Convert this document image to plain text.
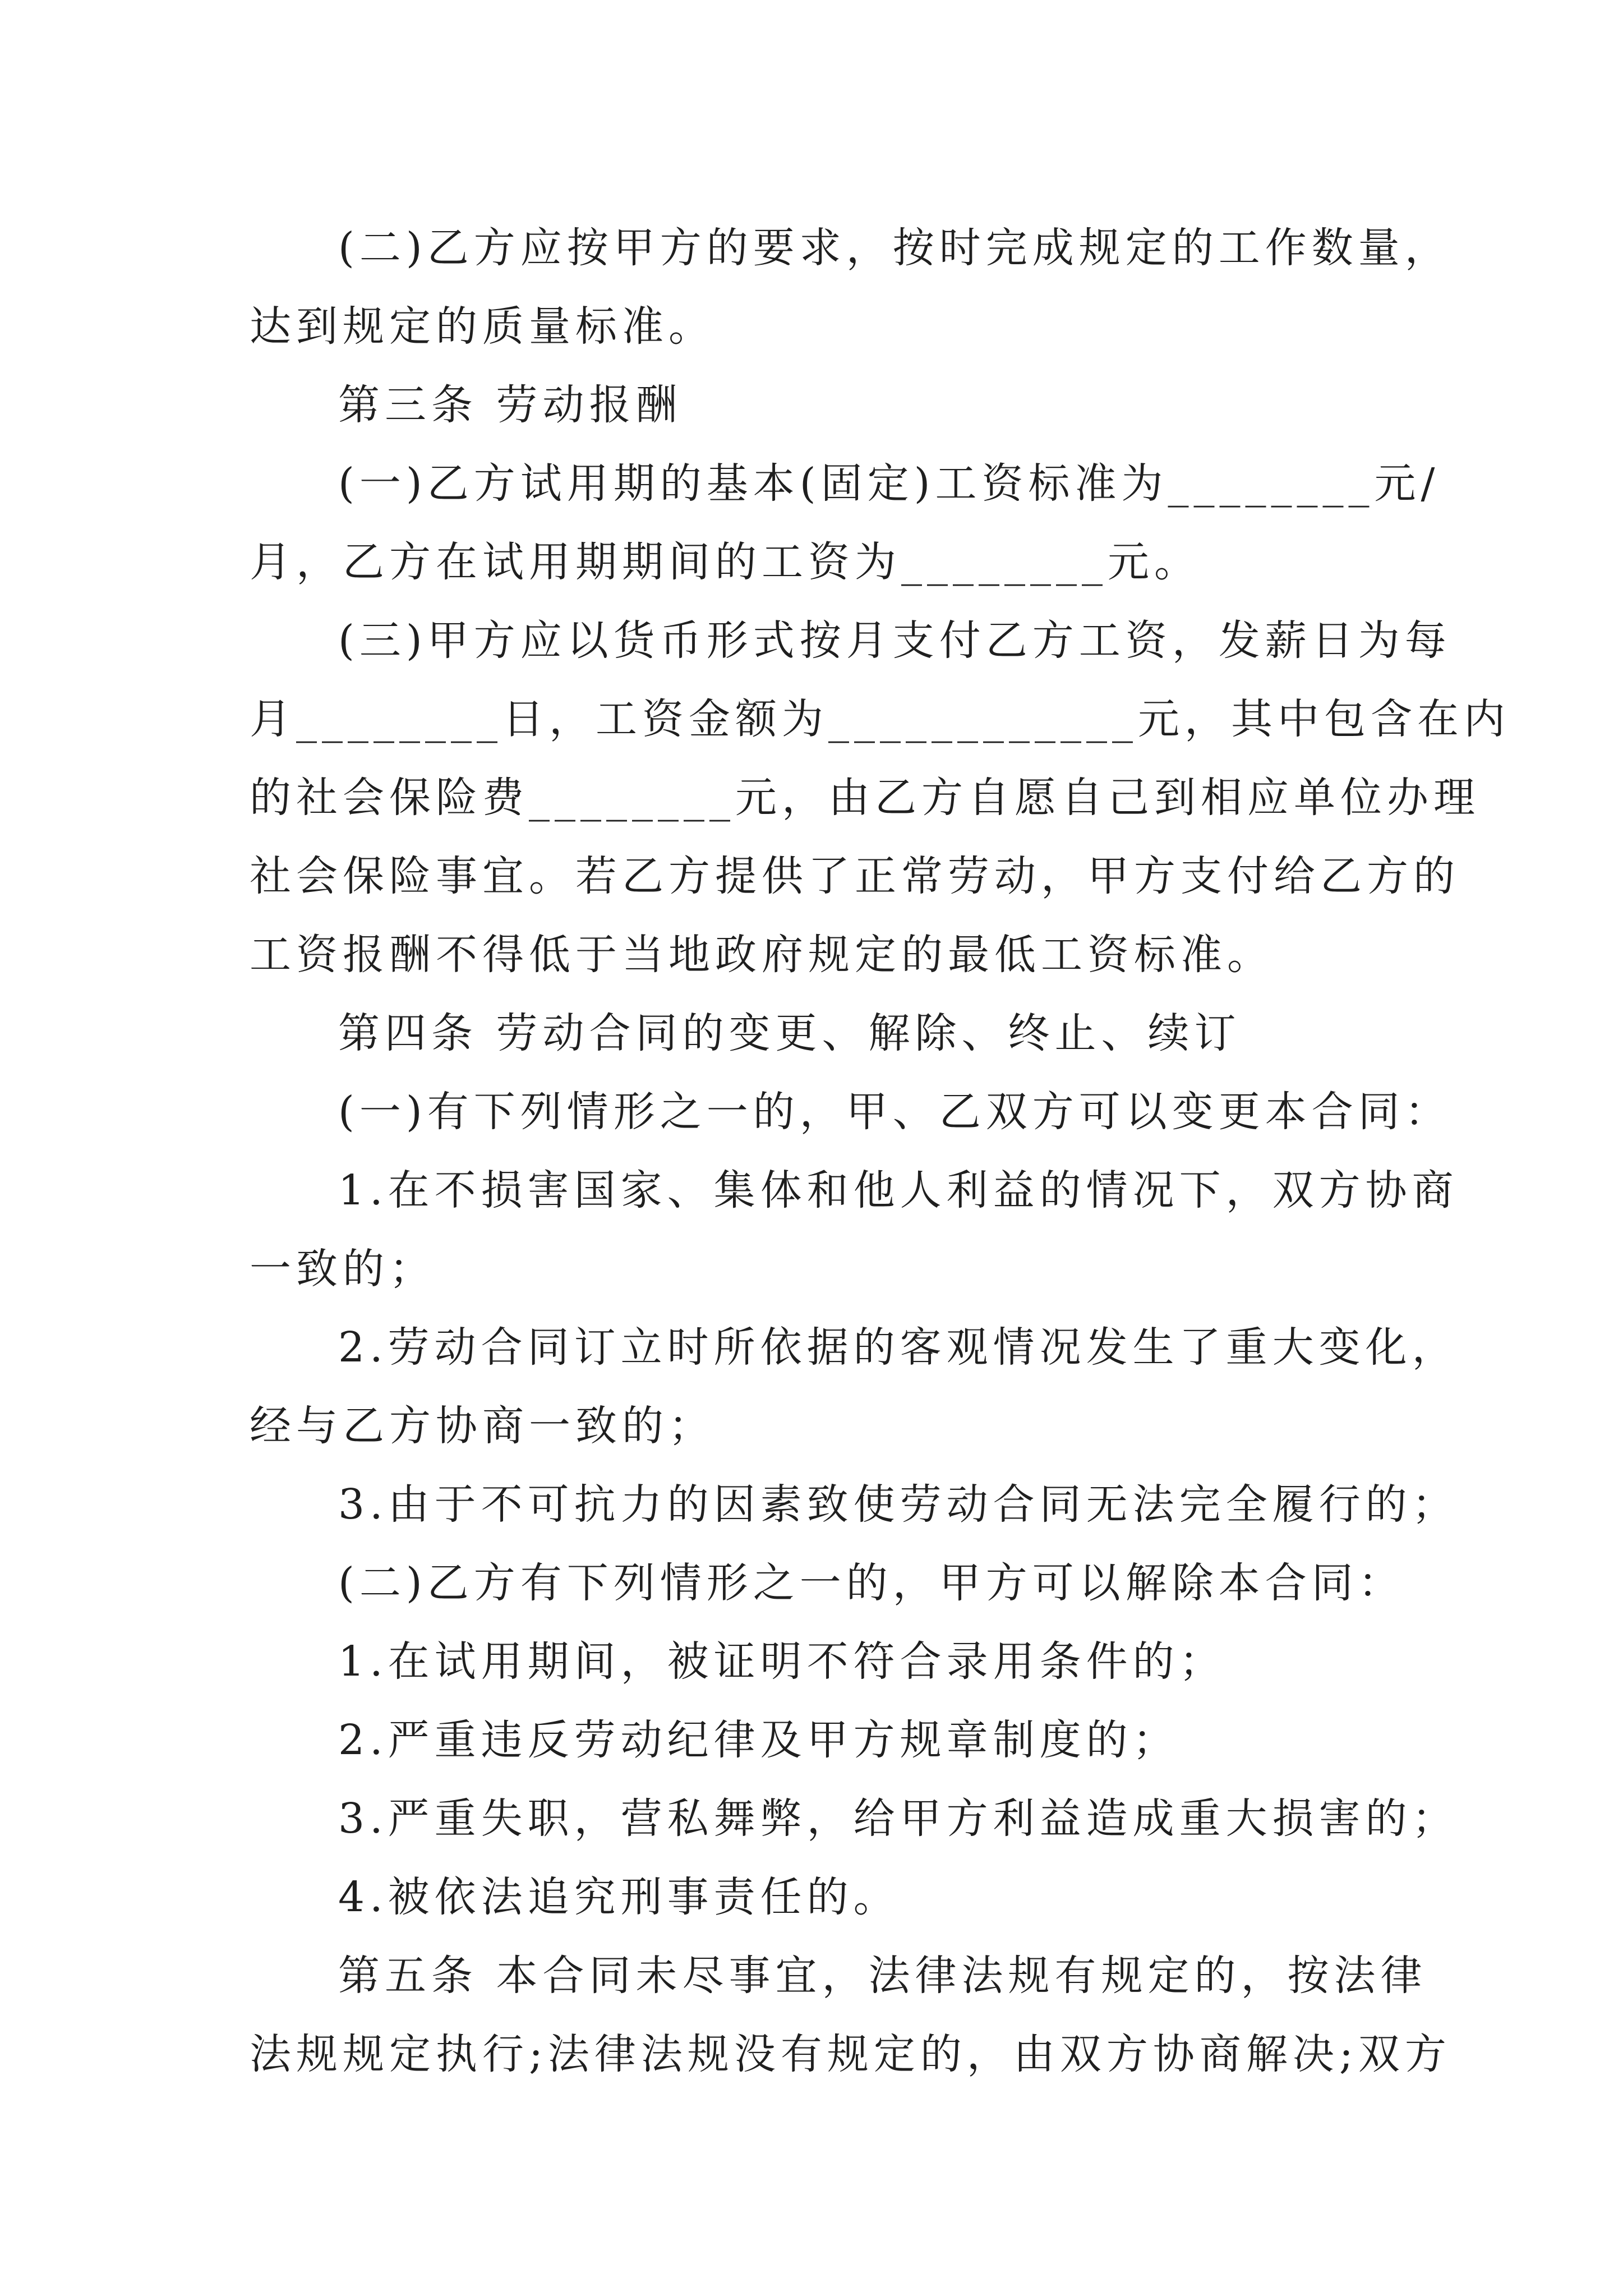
(二)乙方应按甲方的要求，按时完成规定的工作数量，
达到规定的质量标准。
第三条 劳动报酬
(一)乙方试用期的基本(固定)工资标准为________元/
月，乙方在试用期期间的工资为________元。
(三)甲方应以货币形式按月支付乙方工资，发薪日为每
月________日，工资金额为____________元，其中包含在内
的社会保险费________元，由乙方自愿自己到相应单位办理
社会保险事宜。若乙方提供了正常劳动，甲方支付给乙方的
工资报酬不得低于当地政府规定的最低工资标准。
第四条 劳动合同的变更、解除、终止、续订
(一)有下列情形之一的，甲、乙双方可以变更本合同：
1.在不损害国家、集体和他人利益的情况下，双方协商
一致的；
2.劳动合同订立时所依据的客观情况发生了重大变化，
经与乙方协商一致的；
3.由于不可抗力的因素致使劳动合同无法完全履行的；
(二)乙方有下列情形之一的，甲方可以解除本合同：
1.在试用期间，被证明不符合录用条件的；
2.严重违反劳动纪律及甲方规章制度的；
3.严重失职，营私舞弊，给甲方利益造成重大损害的；
4.被依法追究刑事责任的。
第五条 本合同未尽事宜，法律法规有规定的，按法律
法规规定执行;法律法规没有规定的，由双方协商解决;双方
